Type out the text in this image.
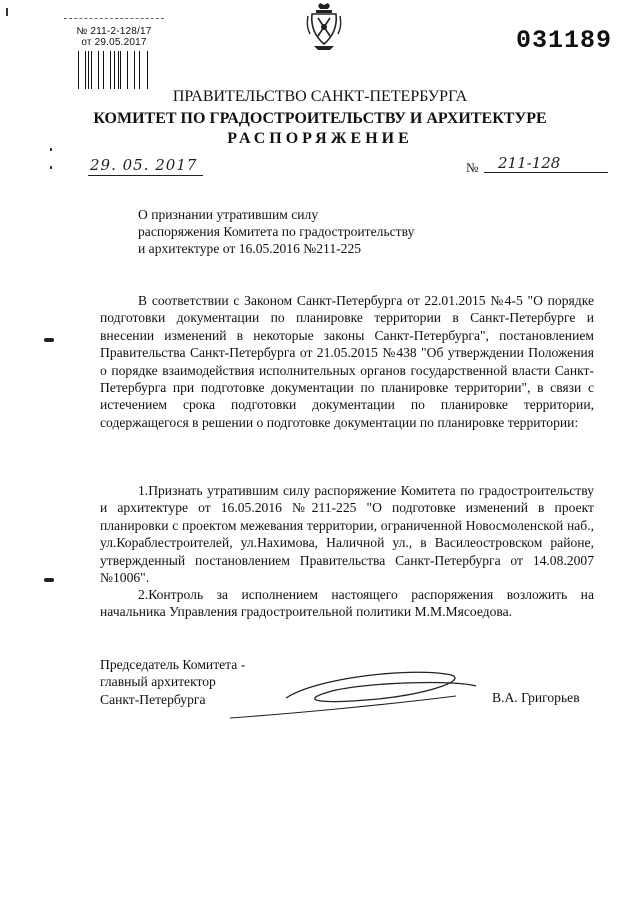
№ 211-2-128/17
от 29.05.2017	031189
ПРАВИТЕЛЬСТВО САНКТ-ПЕТЕРБУРГА
КОМИТЕТ ПО ГРАДОСТРОИТЕЛЬСТВУ И АРХИТЕКТУРЕ
РАСПОРЯЖЕНИЕ
29. 05. 2017	№	211-128
О признании утратившим силу
распоряжения Комитета по градостроительству
и архитектуре от 16.05.2016 №211-225
В соответствии с Законом Санкт-Петербурга от 22.01.2015 №4-5 "О порядке подготовки документации по планировке территории в Санкт-Петербурге и внесении изменений в некоторые законы Санкт-Петербурга", постановлением Правительства Санкт-Петербурга от 21.05.2015 №438 "Об утверждении Положения о порядке взаимодействия исполнительных органов государственной власти Санкт-Петербурга при подготовке документации по планировке территории", в связи с истечением срока подготовки документации по планировке территории, содержащегося в решении о подготовке документации по планировке территории:
1.Признать утратившим силу распоряжение Комитета по градостроительству и архитектуре от 16.05.2016 №211-225 "О подготовке изменений в проект планировки с проектом межевания территории, ограниченной Новосмоленской наб., ул.Кораблестроителей, ул.Нахимова, Наличной ул., в Василеостровском районе, утвержденный постановлением Правительства Санкт-Петербурга от 14.08.2007 №1006".
2.Контроль за исполнением настоящего распоряжения возложить на начальника Управления градостроительной политики М.М.Мясоедова.
Председатель Комитета -
главный архитектор
Санкт-Петербурга	В.А. Григорьев
